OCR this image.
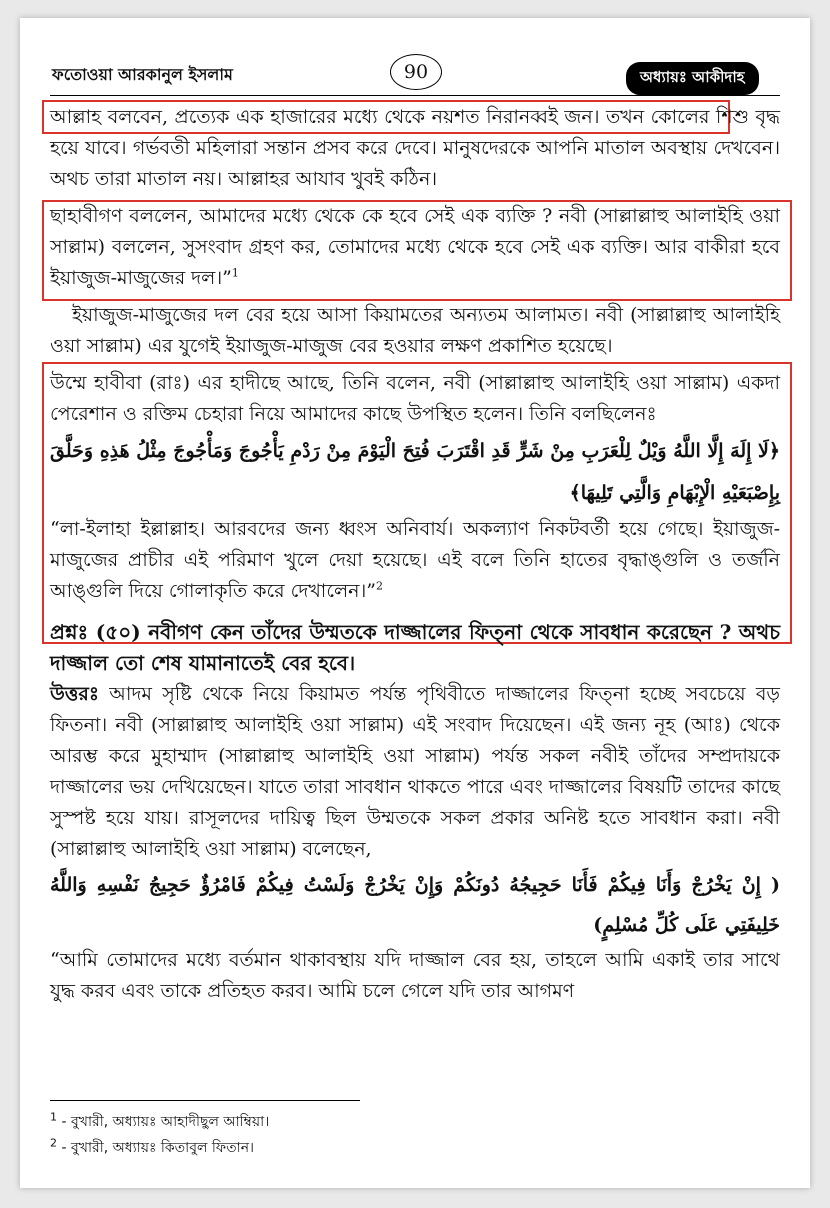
ফতোওয়া আরকানুল ইসলাম	90	অধ্যায়ঃ আকীদাহ

আল্লাহ বলবেন, প্রত্যেক এক হাজারের মধ্যে থেকে নয়শত নিরানব্বই জন। তখন কোলের শিশু বৃদ্ধ হয়ে যাবে। গর্ভবতী মহিলারা সন্তান প্রসব করে দেবে। মানুষদেরকে আপনি মাতাল অবস্থায় দেখবেন। অথচ তারা মাতাল নয়। আল্লাহর আযাব খুবই কঠিন।

ছাহাবীগণ বললেন, আমাদের মধ্যে থেকে কে হবে সেই এক ব্যক্তি ? নবী (সাল্লাল্লাহু আলাইহি ওয়া সাল্লাম) বললেন, সুসংবাদ গ্রহণ কর, তোমাদের মধ্যে থেকে হবে সেই এক ব্যক্তি। আর বাকীরা হবে ইয়াজুজ-মাজুজের দল।”$^1$

ইয়াজুজ-মাজুজের দল বের হয়ে আসা কিয়ামতের অন্যতম আলামত। নবী (সাল্লাল্লাহু আলাইহি ওয়া সাল্লাম) এর যুগেই ইয়াজুজ-মাজুজ বের হওয়ার লক্ষণ প্রকাশিত হয়েছে।

উম্মে হাবীবা (রাঃ) এর হাদীছে আছে, তিনি বলেন, নবী (সাল্লাল্লাহু আলাইহি ওয়া সাল্লাম) একদা পেরেশান ও রক্তিম চেহারা নিয়ে আমাদের কাছে উপস্থিত হলেন। তিনি বলছিলেনঃ

﴿لَا إِلَهَ إِلَّا اللَّهُ وَيْلٌ لِلْعَرَبِ مِنْ شَرٍّ قَدِ اقْتَرَبَ فُتِحَ الْيَوْمَ مِنْ رَدْمِ يَأْجُوجَ وَمَأْجُوجَ مِثْلُ هَذِهِ وَحَلَّقَ بِإِصْبَعَيْهِ الْإِبْهَامِ وَالَّتِي تَلِيهَا﴾

“লা-ইলাহা ইল্লাল্লাহ। আরবদের জন্য ধ্বংস অনিবার্য। অকল্যাণ নিকটবর্তী হয়ে গেছে। ইয়াজুজ-মাজুজের প্রাচীর এই পরিমাণ খুলে দেয়া হয়েছে। এই বলে তিনি হাতের বৃদ্ধাঙ্গুলি ও তর্জনি আঙ্গুলি দিয়ে গোলাকৃতি করে দেখালেন।”$^2$

প্রশ্নঃ (৫০) নবীগণ কেন তাঁদের উম্মতকে দাজ্জালের ফিত্‌না থেকে সাবধান করেছেন ? অথচ দাজ্জাল তো শেষ যামানাতেই বের হবে।

উত্তরঃ আদম সৃষ্টি থেকে নিয়ে কিয়ামত পর্যন্ত পৃথিবীতে দাজ্জালের ফিত্‌না হচ্ছে সবচেয়ে বড় ফিতনা। নবী (সাল্লাল্লাহু আলাইহি ওয়া সাল্লাম) এই সংবাদ দিয়েছেন। এই জন্য নূহ (আঃ) থেকে আরম্ভ করে মুহাম্মাদ (সাল্লাল্লাহু আলাইহি ওয়া সাল্লাম) পর্যন্ত সকল নবীই তাঁদের সম্প্রদায়কে দাজ্জালের ভয় দেখিয়েছেন। যাতে তারা সাবধান থাকতে পারে এবং দাজ্জালের বিষয়টি তাদের কাছে সুস্পষ্ট হয়ে যায়। রাসূলদের দায়িত্ব ছিল উম্মতকে সকল প্রকার অনিষ্ট হতে সাবধান করা। নবী (সাল্লাল্লাহু আলাইহি ওয়া সাল্লাম) বলেছেন,

( إِنْ يَخْرُجْ وَأَنَا فِيكُمْ فَأَنَا حَجِيجُهُ دُونَكُمْ وَإِنْ يَخْرُجْ وَلَسْتُ فِيكُمْ فَامْرُؤٌ حَجِيجُ نَفْسِهِ وَاللَّهُ خَلِيفَتِي عَلَى كُلِّ مُسْلِمٍ)

“আমি তোমাদের মধ্যে বর্তমান থাকাবস্থায় যদি দাজ্জাল বের হয়, তাহলে আমি একাই তার সাথে যুদ্ধ করব এবং তাকে প্রতিহত করব। আমি চলে গেলে যদি তার আগমণ

$^1$ - বুখারী, অধ্যায়ঃ আহাদীছুল আম্বিয়া।
$^2$ - বুখারী, অধ্যায়ঃ কিতাবুল ফিতান।
